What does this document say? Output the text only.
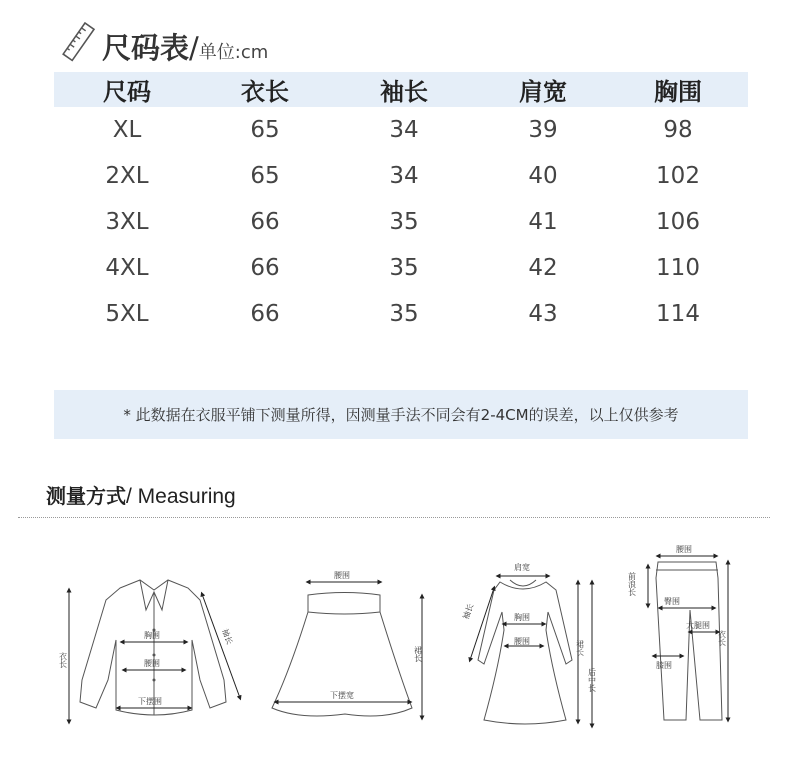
尺码表/单位:cm
尺码	衣长	袖长	肩宽	胸围
XL	65	34	39	98
2XL	65	34	40	102
3XL	66	35	41	106
4XL	66	35	42	110
5XL	66	35	43	114
* 此数据在衣服平铺下测量所得，因测量手法不同会有2-4CM的误差，以上仅供参考
测量方式/ Measuring
衣长
袖长
胸围
腰围
下摆围
腰围
裙长
下摆宽
肩宽
袖长	胸围
腰围	裙长
后中长
腰围
前浪长
臀围
大腿围
膝围
衣长
